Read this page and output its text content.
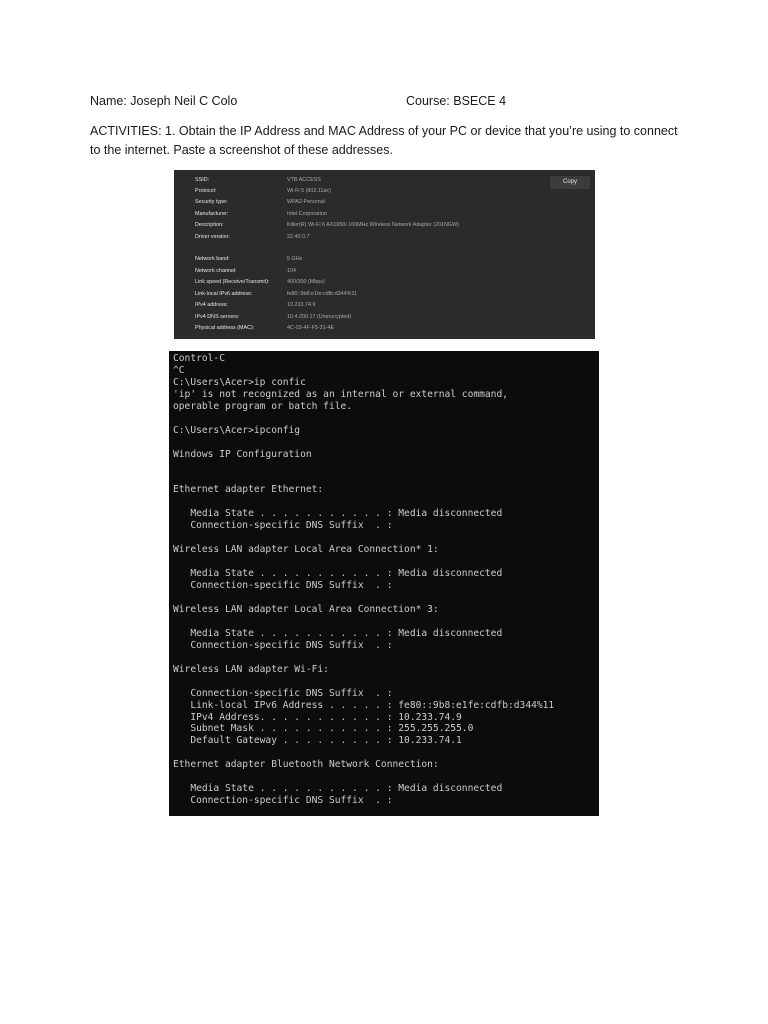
Name: Joseph Neil C Colo	Course: BSECE 4
ACTIVITIES: 1. Obtain the IP Address and MAC Address of your PC or device that you’re using to connect to the internet. Paste a screenshot of these addresses.
Copy
SSID:	VTB ACCESS
Protocol:	Wi-Fi 5 (802.11ac)
Security type:	WPA2-Personal
Manufacturer:	Intel Corporation
Description:	Killer(R) Wi-Fi 6 AX1650i 160MHz Wireless Network Adapter (201NGW)
Driver version:	22.40.0.7
Network band:	5 GHz
Network channel:	104
Link speed (Receive/Transmit):	400/300 (Mbps)
Link-local IPv6 address:	fe80::9b8:e1fe:cdfb:d344%11
IPv4 address:	10.233.74.9
IPv4 DNS servers:	10.4.200.17 (Unencrypted)
Physical address (MAC):	4C-03-4F-F5-31-4E
Control-C
^C
C:\Users\Acer>ip confic
'ip' is not recognized as an internal or external command,
operable program or batch file.
C:\Users\Acer>ipconfig
Windows IP Configuration
Ethernet adapter Ethernet:
Media State . . . . . . . . . . . : Media disconnected
Connection-specific DNS Suffix  . :
Wireless LAN adapter Local Area Connection* 1:
Media State . . . . . . . . . . . : Media disconnected
Connection-specific DNS Suffix  . :
Wireless LAN adapter Local Area Connection* 3:
Media State . . . . . . . . . . . : Media disconnected
Connection-specific DNS Suffix  . :
Wireless LAN adapter Wi-Fi:
Connection-specific DNS Suffix  . :
Link-local IPv6 Address . . . . . : fe80::9b8:e1fe:cdfb:d344%11
IPv4 Address. . . . . . . . . . . : 10.233.74.9
Subnet Mask . . . . . . . . . . . : 255.255.255.0
Default Gateway . . . . . . . . . : 10.233.74.1
Ethernet adapter Bluetooth Network Connection:
Media State . . . . . . . . . . . : Media disconnected
Connection-specific DNS Suffix  . :
